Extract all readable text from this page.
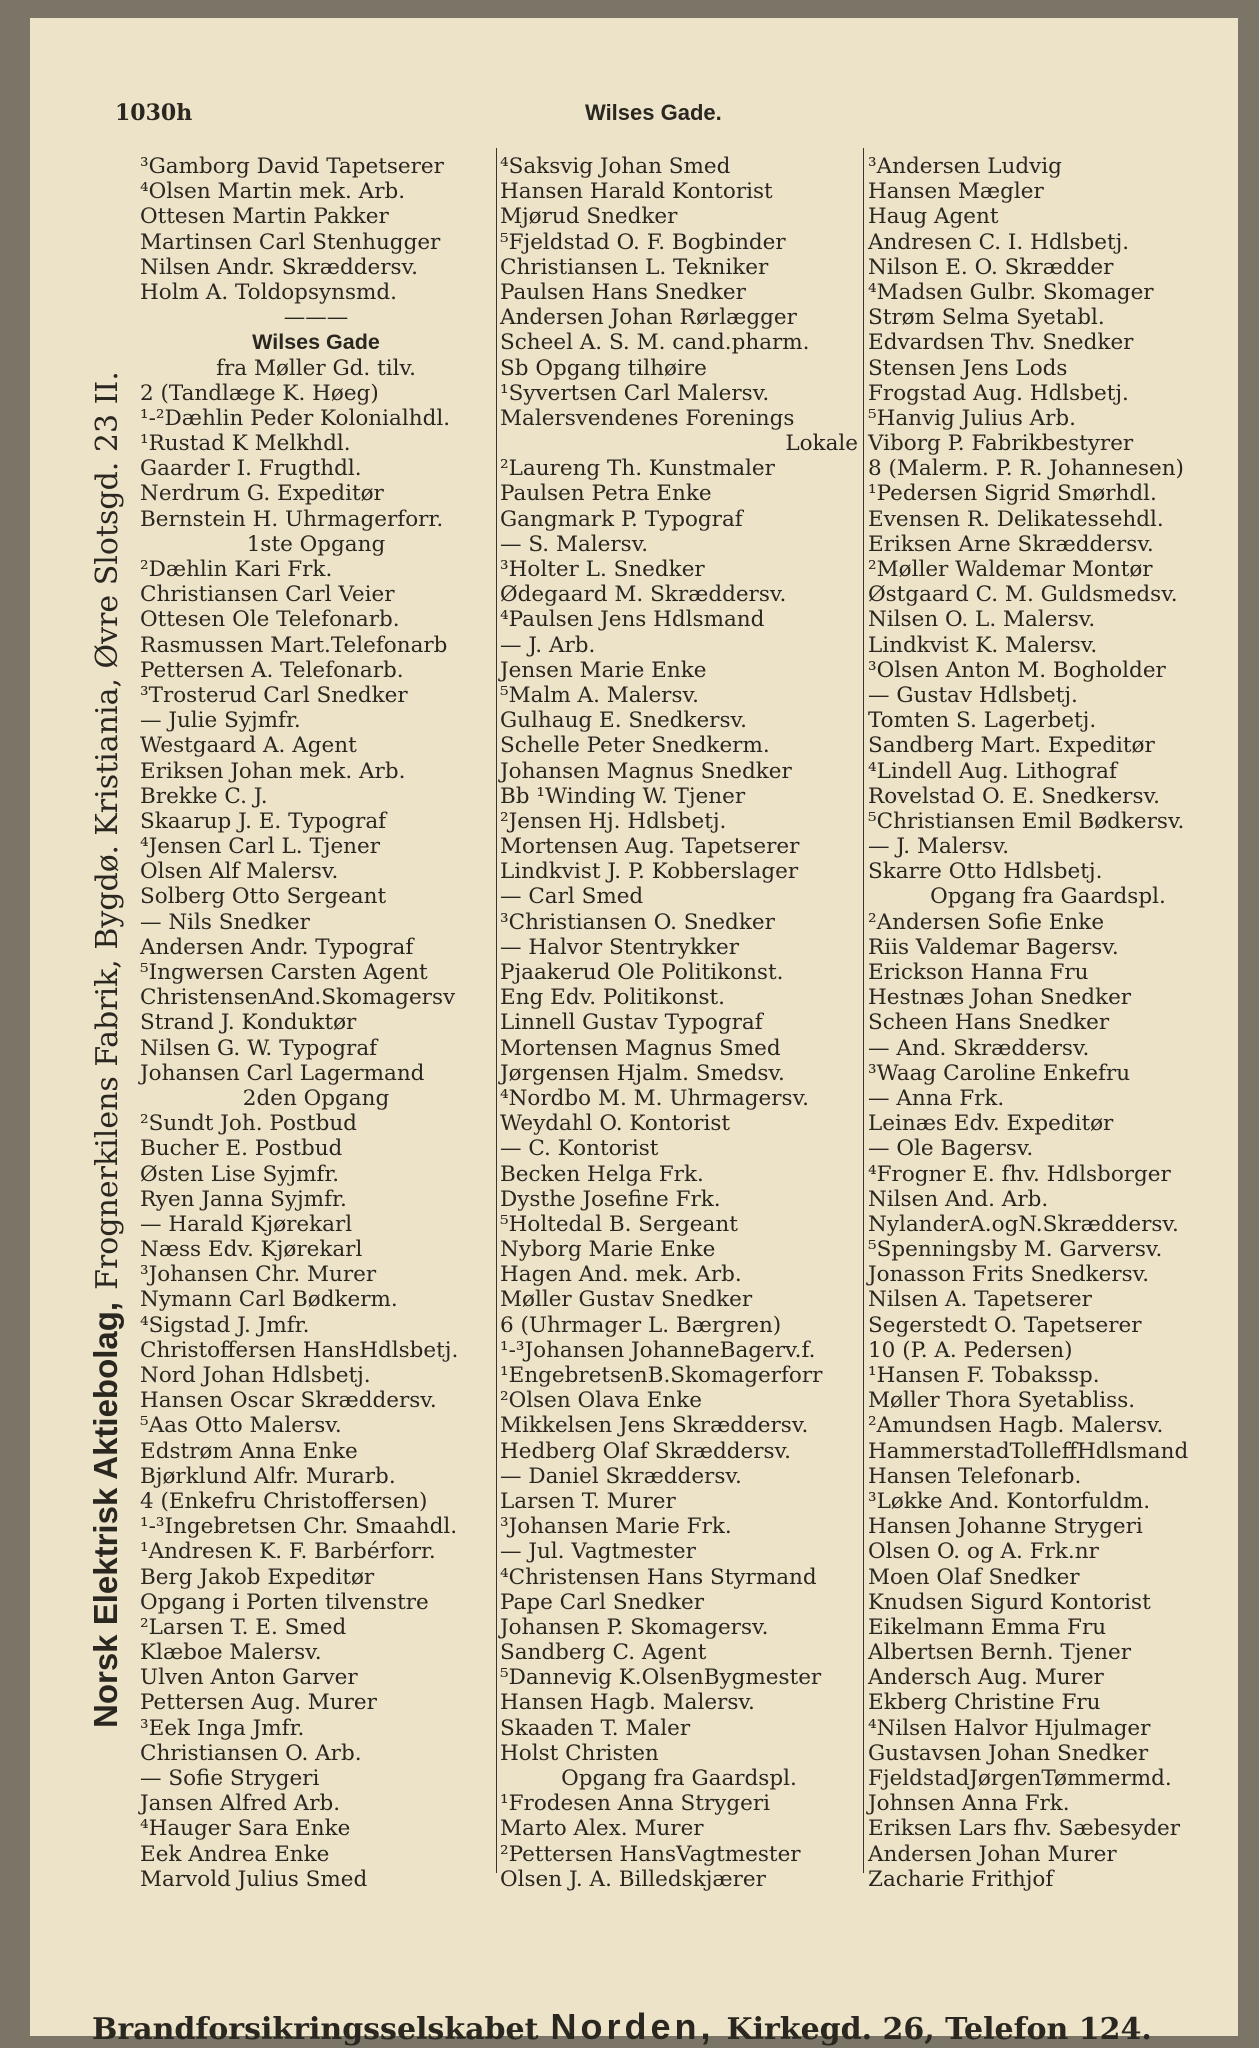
1030h	Wilses Gade.
Norsk Elektrisk Aktiebolag,Frognerkilens Fabrik, Bygdø. Kristiania, Øvre Slotsgd. 23 II.
³Gamborg David Tapetserer
⁴Olsen Martin mek. Arb.
Ottesen Martin Pakker
Martinsen Carl Stenhugger
Nilsen Andr. Skræddersv.
Holm A. Toldopsynsmd.
———
Wilses Gade
fra Møller Gd. tilv.
2 (Tandlæge K. Høeg)
¹-²Dæhlin Peder Kolonialhdl.
¹Rustad K Melkhdl.
Gaarder I. Frugthdl.
Nerdrum G. Expeditør
Bernstein H. Uhrmagerforr.
1ste Opgang
²Dæhlin Kari Frk.
Christiansen Carl Veier
Ottesen Ole Telefonarb.
Rasmussen Mart.Telefonarb
Pettersen A. Telefonarb.
³Trosterud Carl Snedker
— Julie Syjmfr.
Westgaard A. Agent
Eriksen Johan mek. Arb.
Brekke C. J.
Skaarup J. E. Typograf
⁴Jensen Carl L. Tjener
Olsen Alf Malersv.
Solberg Otto Sergeant
— Nils Snedker
Andersen Andr. Typograf
⁵Ingwersen Carsten Agent
ChristensenAnd.Skomagersv
Strand J. Konduktør
Nilsen G. W. Typograf
Johansen Carl Lagermand
2den Opgang
²Sundt Joh. Postbud
Bucher E. Postbud
Østen Lise Syjmfr.
Ryen Janna Syjmfr.
— Harald Kjørekarl
Næss Edv. Kjørekarl
³Johansen Chr. Murer
Nymann Carl Bødkerm.
⁴Sigstad J. Jmfr.
Christoffersen HansHdlsbetj.
Nord Johan Hdlsbetj.
Hansen Oscar Skræddersv.
⁵Aas Otto Malersv.
Edstrøm Anna Enke
Bjørklund Alfr. Murarb.
4 (Enkefru Christoffersen)
¹-³Ingebretsen Chr. Smaahdl.
¹Andresen K. F. Barbérforr.
Berg Jakob Expeditør
Opgang i Porten tilvenstre
²Larsen T. E. Smed
Klæboe Malersv.
Ulven Anton Garver
Pettersen Aug. Murer
³Eek Inga Jmfr.
Christiansen O. Arb.
— Sofie Strygeri
Jansen Alfred Arb.
⁴Hauger Sara Enke
Eek Andrea Enke
Marvold Julius Smed
⁴Saksvig Johan Smed
Hansen Harald Kontorist
Mjørud Snedker
⁵Fjeldstad O. F. Bogbinder
Christiansen L. Tekniker
Paulsen Hans Snedker
Andersen Johan Rørlægger
Scheel A. S. M. cand.pharm.
Sb Opgang tilhøire
¹Syvertsen Carl Malersv.
Malersvendenes Forenings
Lokale
²Laureng Th. Kunstmaler
Paulsen Petra Enke
Gangmark P. Typograf
— S. Malersv.
³Holter L. Snedker
Ødegaard M. Skræddersv.
⁴Paulsen Jens Hdlsmand
— J. Arb.
Jensen Marie Enke
⁵Malm A. Malersv.
Gulhaug E. Snedkersv.
Schelle Peter Snedkerm.
Johansen Magnus Snedker
Bb ¹Winding W. Tjener
²Jensen Hj. Hdlsbetj.
Mortensen Aug. Tapetserer
Lindkvist J. P. Kobberslager
— Carl Smed
³Christiansen O. Snedker
— Halvor Stentrykker
Pjaakerud Ole Politikonst.
Eng Edv. Politikonst.
Linnell Gustav Typograf
Mortensen Magnus Smed
Jørgensen Hjalm. Smedsv.
⁴Nordbo M. M. Uhrmagersv.
Weydahl O. Kontorist
— C. Kontorist
Becken Helga Frk.
Dysthe Josefine Frk.
⁵Holtedal B. Sergeant
Nyborg Marie Enke
Hagen And. mek. Arb.
Møller Gustav Snedker
6 (Uhrmager L. Bærgren)
¹-³Johansen JohanneBagerv.f.
¹EngebretsenB.Skomagerforr
²Olsen Olava Enke
Mikkelsen Jens Skræddersv.
Hedberg Olaf Skræddersv.
— Daniel Skræddersv.
Larsen T. Murer
³Johansen Marie Frk.
— Jul. Vagtmester
⁴Christensen Hans Styrmand
Pape Carl Snedker
Johansen P. Skomagersv.
Sandberg C. Agent
⁵Dannevig K.OlsenBygmester
Hansen Hagb. Malersv.
Skaaden T. Maler
Holst Christen
Opgang fra Gaardspl.
¹Frodesen Anna Strygeri
Marto Alex. Murer
²Pettersen HansVagtmester
Olsen J. A. Billedskjærer
³Andersen Ludvig
Hansen Mægler
Haug Agent
Andresen C. I. Hdlsbetj.
Nilson E. O. Skrædder
⁴Madsen Gulbr. Skomager
Strøm Selma Syetabl.
Edvardsen Thv. Snedker
Stensen Jens Lods
Frogstad Aug. Hdlsbetj.
⁵Hanvig Julius Arb.
Viborg P. Fabrikbestyrer
8 (Malerm. P. R. Johannesen)
¹Pedersen Sigrid Smørhdl.
Evensen R. Delikatessehdl.
Eriksen Arne Skræddersv.
²Møller Waldemar Montør
Østgaard C. M. Guldsmedsv.
Nilsen O. L. Malersv.
Lindkvist K. Malersv.
³Olsen Anton M. Bogholder
— Gustav Hdlsbetj.
Tomten S. Lagerbetj.
Sandberg Mart. Expeditør
⁴Lindell Aug. Lithograf
Rovelstad O. E. Snedkersv.
⁵Christiansen Emil Bødkersv.
— J. Malersv.
Skarre Otto Hdlsbetj.
Opgang fra Gaardspl.
²Andersen Sofie Enke
Riis Valdemar Bagersv.
Erickson Hanna Fru
Hestnæs Johan Snedker
Scheen Hans Snedker
— And. Skræddersv.
³Waag Caroline Enkefru
— Anna Frk.
Leinæs Edv. Expeditør
— Ole Bagersv.
⁴Frogner E. fhv. Hdlsborger
Nilsen And. Arb.
NylanderA.ogN.Skræddersv.
⁵Spenningsby M. Garversv.
Jonasson Frits Snedkersv.
Nilsen A. Tapetserer
Segerstedt O. Tapetserer
10 (P. A. Pedersen)
¹Hansen F. Tobakssp.
Møller Thora Syetabliss.
²Amundsen Hagb. Malersv.
HammerstadTolleffHdlsmand
Hansen Telefonarb.
³Løkke And. Kontorfuldm.
Hansen Johanne Strygeri
Olsen O. og A. Frk.nr
Moen Olaf Snedker
Knudsen Sigurd Kontorist
Eikelmann Emma Fru
Albertsen Bernh. Tjener
Andersch Aug. Murer
Ekberg Christine Fru
⁴Nilsen Halvor Hjulmager
Gustavsen Johan Snedker
FjeldstadJørgenTømmermd.
Johnsen Anna Frk.
Eriksen Lars fhv. Sæbesyder
Andersen Johan Murer
Zacharie Frithjof
Brandforsikringsselskabet Norden, Kirkegd. 26, Telefon 124.
